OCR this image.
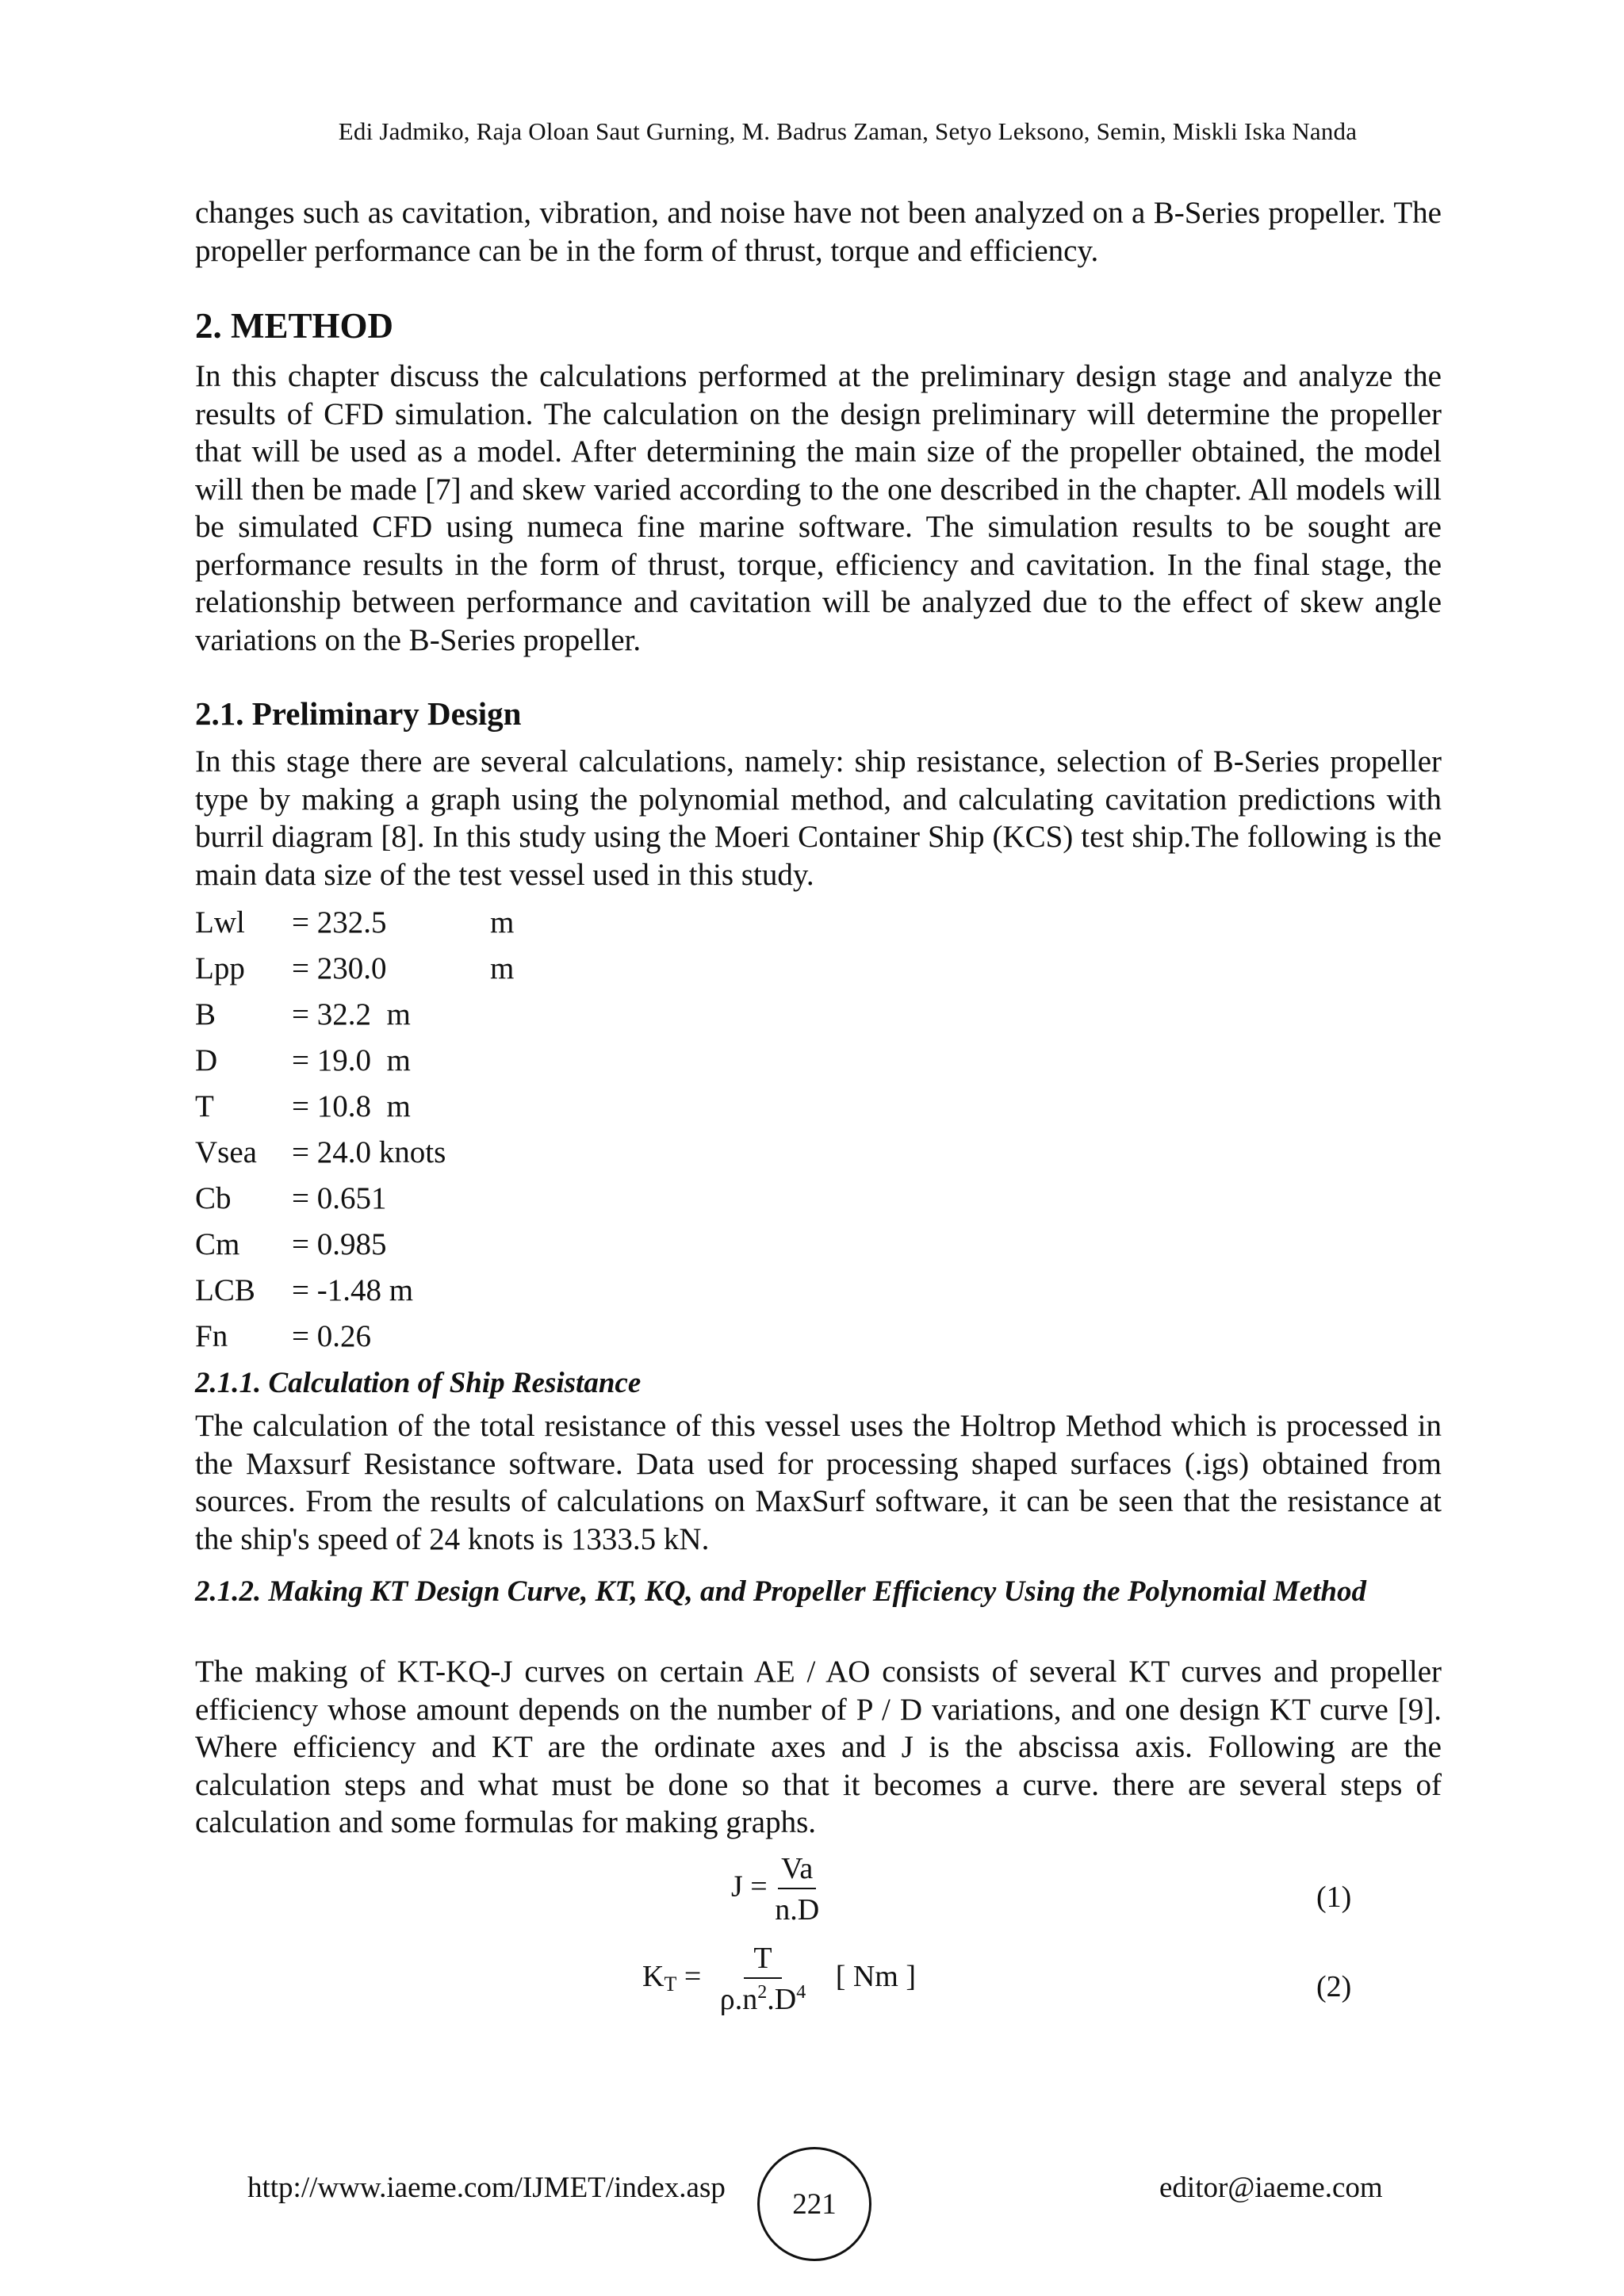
Edi Jadmiko, Raja Oloan Saut Gurning, M. Badrus Zaman, Setyo Leksono, Semin, Miskli Iska Nanda

changes such as cavitation, vibration, and noise have not been analyzed on a B-Series propeller. The propeller performance can be in the form of thrust, torque and efficiency.

2. METHOD

In this chapter discuss the calculations performed at the preliminary design stage and analyze the results of CFD simulation. The calculation on the design preliminary will determine the propeller that will be used as a model. After determining the main size of the propeller obtained, the model will then be made [7] and skew varied according to the one described in the chapter. All models will be simulated CFD using numeca fine marine software. The simulation results to be sought are performance results in the form of thrust, torque, efficiency and cavitation. In the final stage, the relationship between performance and cavitation will be analyzed due to the effect of skew angle variations on the B-Series propeller.

2.1. Preliminary Design

In this stage there are several calculations, namely: ship resistance, selection of B-Series propeller type by making a graph using the polynomial method, and calculating cavitation predictions with burril diagram [8]. In this study using the Moeri Container Ship (KCS) test ship.The following is the main data size of the test vessel used in this study.

Lwl = 232.5	m
Lpp = 230.0	m
B = 32.2  m
D = 19.0  m
T	= 10.8  m
Vsea = 24.0 knots
Cb = 0.651
Cm = 0.985
LCB = -1.48 m
Fn = 0.26
2.1.1. Calculation of Ship Resistance

The calculation of the total resistance of this vessel uses the Holtrop Method which is processed in the Maxsurf Resistance software. Data used for processing shaped surfaces (.igs) obtained from sources. From the results of calculations on MaxSurf software, it can be seen that the resistance at the ship's speed of 24 knots is 1333.5 kN.

2.1.2. Making KT Design Curve, KT, KQ, and Propeller Efficiency Using the Polynomial Method

The making of KT-KQ-J curves on certain AE / AO consists of several KT curves and propeller efficiency whose amount depends on the number of P / D variations, and one design KT curve [9]. Where efficiency and KT are the ordinate axes and J is the abscissa axis. Following are the calculation steps and what must be done so that it becomes a curve. there are several steps of calculation and some formulas for making graphs.

$J = \frac{Va}{n.D}$	(1)
$K_T = \frac{T}{\rho.n^2.D^4}$ [ Nm ]	(2)
http://www.iaeme.com/IJMET/index.asp 221	editor@iaeme.com
